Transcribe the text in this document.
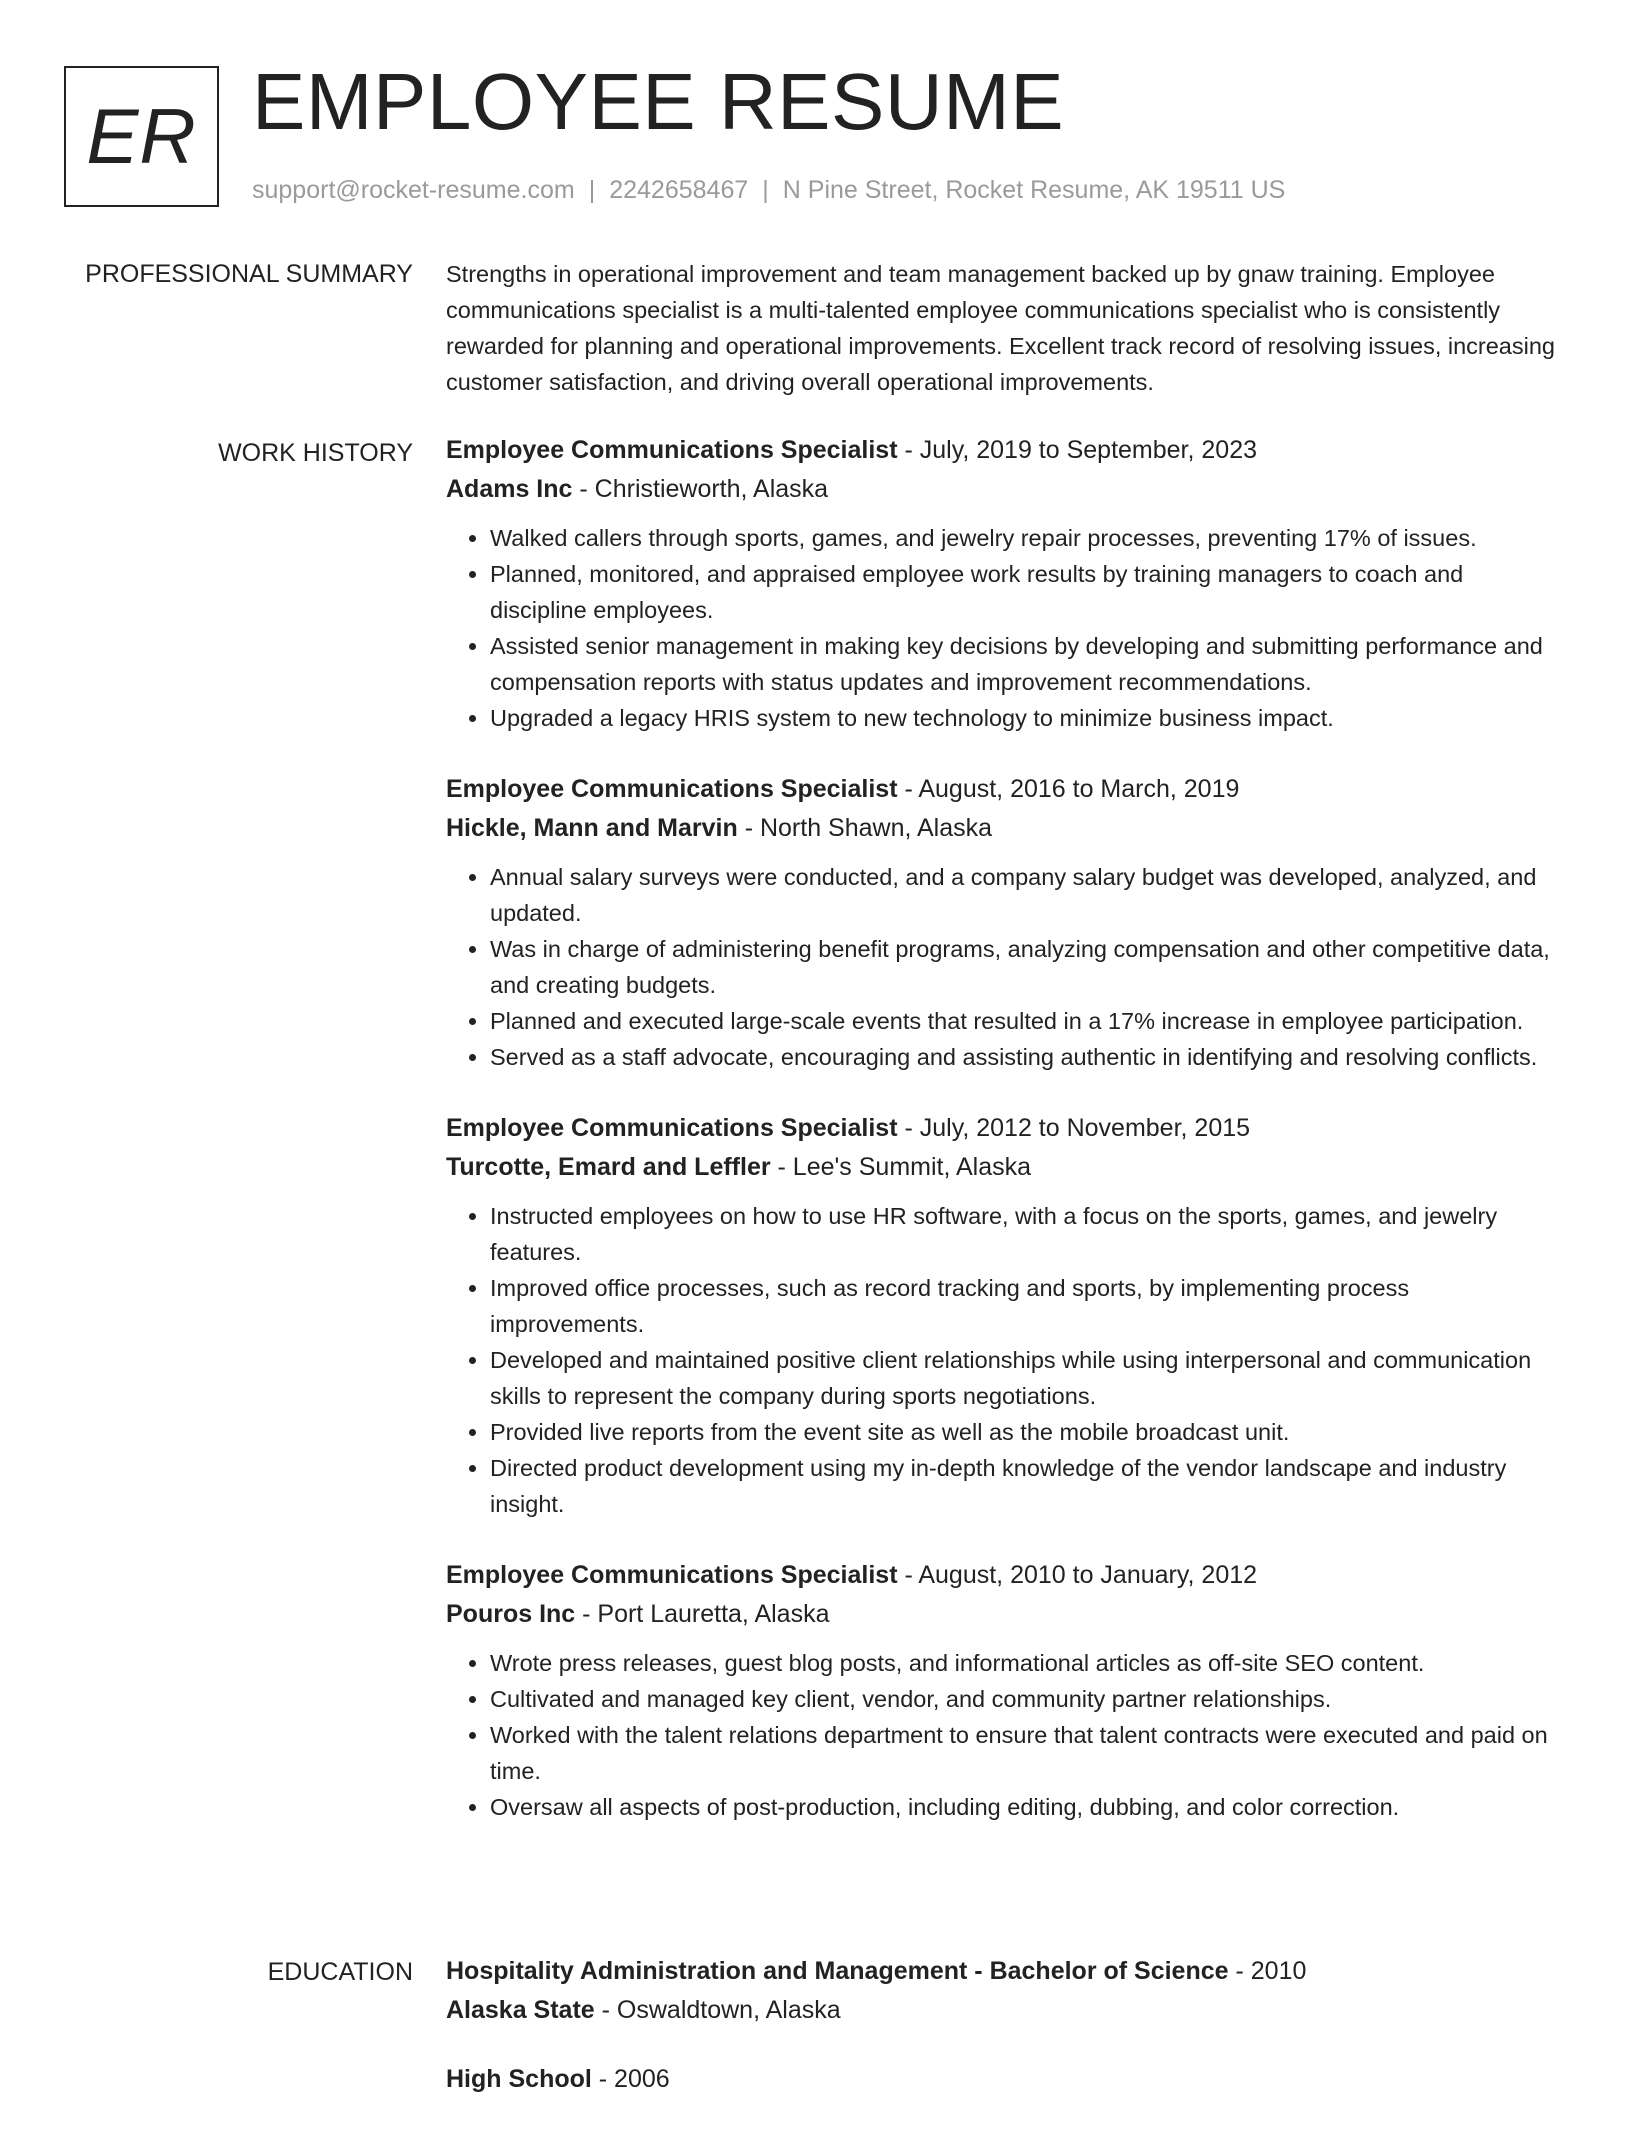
ER EMPLOYEE RESUME
support@rocket-resume.com | 2242658467 | N Pine Street, Rocket Resume, AK 19511 US
PROFESSIONAL SUMMARY Strengths in operational improvement and team management backed up by gnaw training. Employee communications specialist is a multi-talented employee communications specialist who is consistently rewarded for planning and operational improvements. Excellent track record of resolving issues, increasing customer satisfaction, and driving overall operational improvements.

WORK HISTORY Employee Communications Specialist - July, 2019 to September, 2023
Adams Inc - Christieworth, Alaska
• Walked callers through sports, games, and jewelry repair processes, preventing 17% of issues.
• Planned, monitored, and appraised employee work results by training managers to coach and discipline employees.
• Assisted senior management in making key decisions by developing and submitting performance and compensation reports with status updates and improvement recommendations.
• Upgraded a legacy HRIS system to new technology to minimize business impact.
Employee Communications Specialist - August, 2016 to March, 2019
Hickle, Mann and Marvin - North Shawn, Alaska
• Annual salary surveys were conducted, and a company salary budget was developed, analyzed, and updated.
• Was in charge of administering benefit programs, analyzing compensation and other competitive data, and creating budgets.
• Planned and executed large-scale events that resulted in a 17% increase in employee participation.
• Served as a staff advocate, encouraging and assisting authentic in identifying and resolving conflicts.
Employee Communications Specialist - July, 2012 to November, 2015
Turcotte, Emard and Leffler - Lee's Summit, Alaska
• Instructed employees on how to use HR software, with a focus on the sports, games, and jewelry features.
• Improved office processes, such as record tracking and sports, by implementing process improvements.
• Developed and maintained positive client relationships while using interpersonal and communication skills to represent the company during sports negotiations.
• Provided live reports from the event site as well as the mobile broadcast unit.
• Directed product development using my in-depth knowledge of the vendor landscape and industry insight.
Employee Communications Specialist - August, 2010 to January, 2012
Pouros Inc - Port Lauretta, Alaska
• Wrote press releases, guest blog posts, and informational articles as off-site SEO content.
• Cultivated and managed key client, vendor, and community partner relationships.
• Worked with the talent relations department to ensure that talent contracts were executed and paid on time.
• Oversaw all aspects of post-production, including editing, dubbing, and color correction.
EDUCATION Hospitality Administration and Management - Bachelor of Science - 2010
Alaska State - Oswaldtown, Alaska
High School - 2006
